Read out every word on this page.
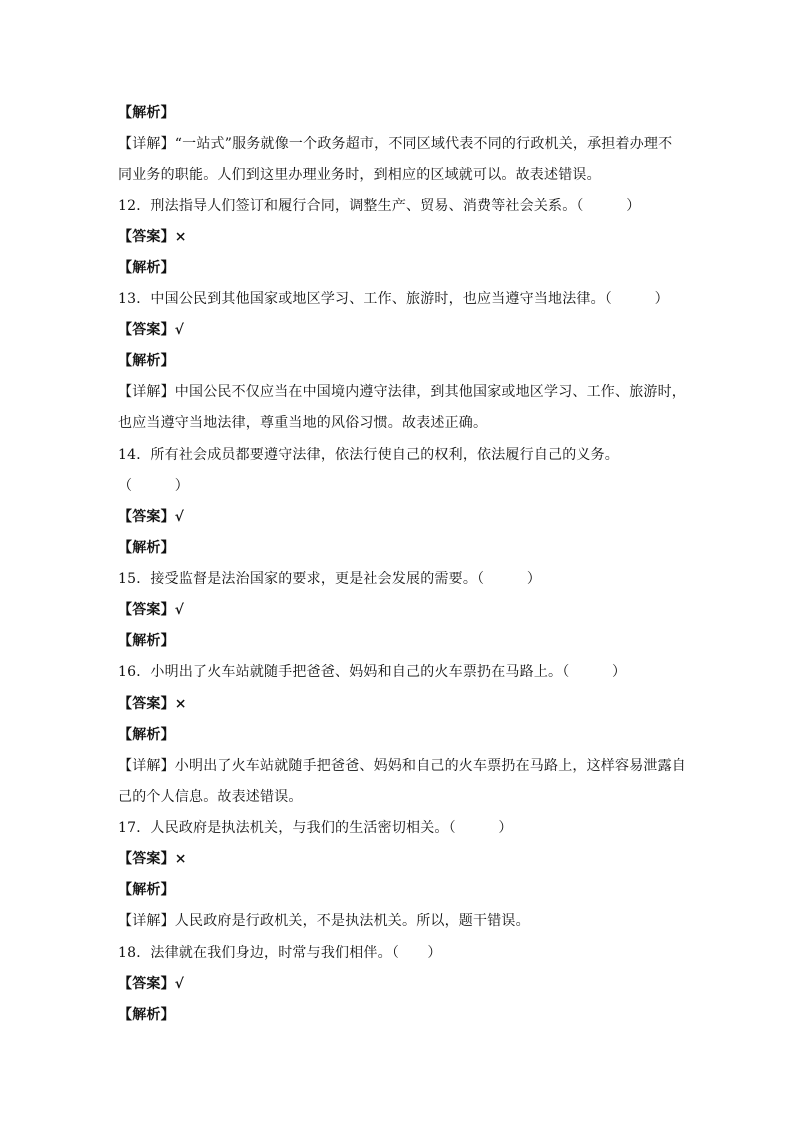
【解析】
【详解】“一站式”服务就像一个政务超市，不同区域代表不同的行政机关，承担着办理不
同业务的职能。人们到这里办理业务时，到相应的区域就可以。故表述错误。
12．刑法指导人们签订和履行合同，调整生产、贸易、消费等社会关系。（　　　）
【答案】×
【解析】
13．中国公民到其他国家或地区学习、工作、旅游时，也应当遵守当地法律。（　　　）
【答案】√
【解析】
【详解】中国公民不仅应当在中国境内遵守法律，到其他国家或地区学习、工作、旅游时，
也应当遵守当地法律，尊重当地的风俗习惯。故表述正确。
14．所有社会成员都要遵守法律，依法行使自己的权利，依法履行自己的义务。
（　　　）
【答案】√
【解析】
15．接受监督是法治国家的要求，更是社会发展的需要。（　　　）
【答案】√
【解析】
16．小明出了火车站就随手把爸爸、妈妈和自己的火车票扔在马路上。（　　　）
【答案】×
【解析】
【详解】小明出了火车站就随手把爸爸、妈妈和自己的火车票扔在马路上，这样容易泄露自
己的个人信息。故表述错误。
17．人民政府是执法机关，与我们的生活密切相关。（　　　）
【答案】×
【解析】
【详解】人民政府是行政机关，不是执法机关。所以，题干错误。
18．法律就在我们身边，时常与我们相伴。（　　）
【答案】√
【解析】
